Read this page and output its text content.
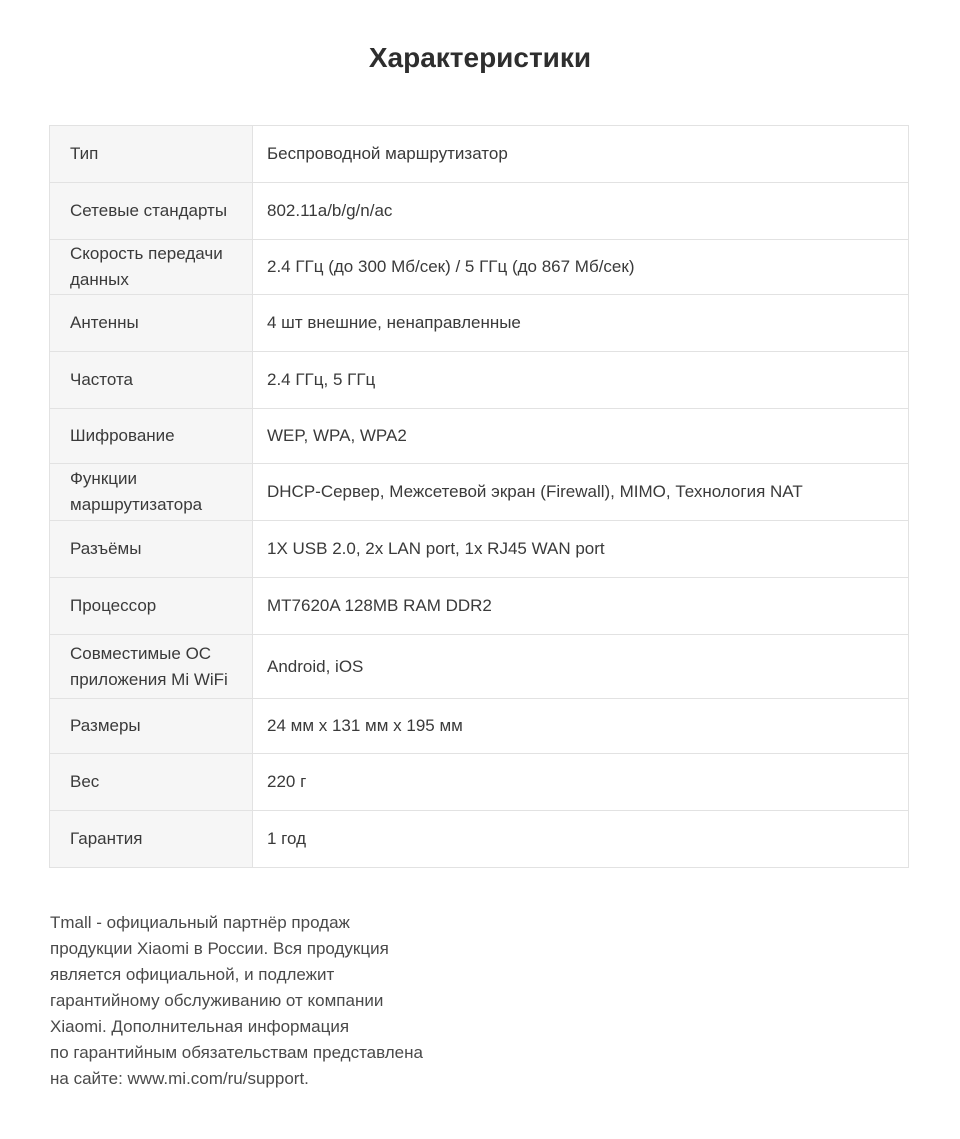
Характеристики
Тип	Беспроводной маршрутизатор
Сетевые стандарты	802.11a/b/g/n/ac
Скорость передачи данных	2.4 ГГц (до 300 Мб/сек) / 5 ГГц (до 867 Мб/сек)
Антенны	4 шт внешние, ненаправленные
Частота	2.4 ГГц, 5 ГГц
Шифрование	WEP, WPA, WPA2
Функции маршрутизатора	DHCP-Сервер, Межсетевой экран (Firewall), MIMO, Технология NAT
Разъёмы	1X USB 2.0, 2x LAN port, 1x RJ45 WAN port
Процессор	MT7620A 128MB RAM DDR2
Совместимые ОС приложения Mi WiFi	Android, iOS
Размеры	24 мм x 131 мм x 195 мм
Вес	220 г
Гарантия	1 год
Tmall - официальный партнёр продаж
продукции Xiaomi в России. Вся продукция
является официальной, и подлежит
гарантийному обслуживанию от компании
Xiaomi. Дополнительная информация
по гарантийным обязательствам представлена
на сайте: www.mi.com/ru/support.
